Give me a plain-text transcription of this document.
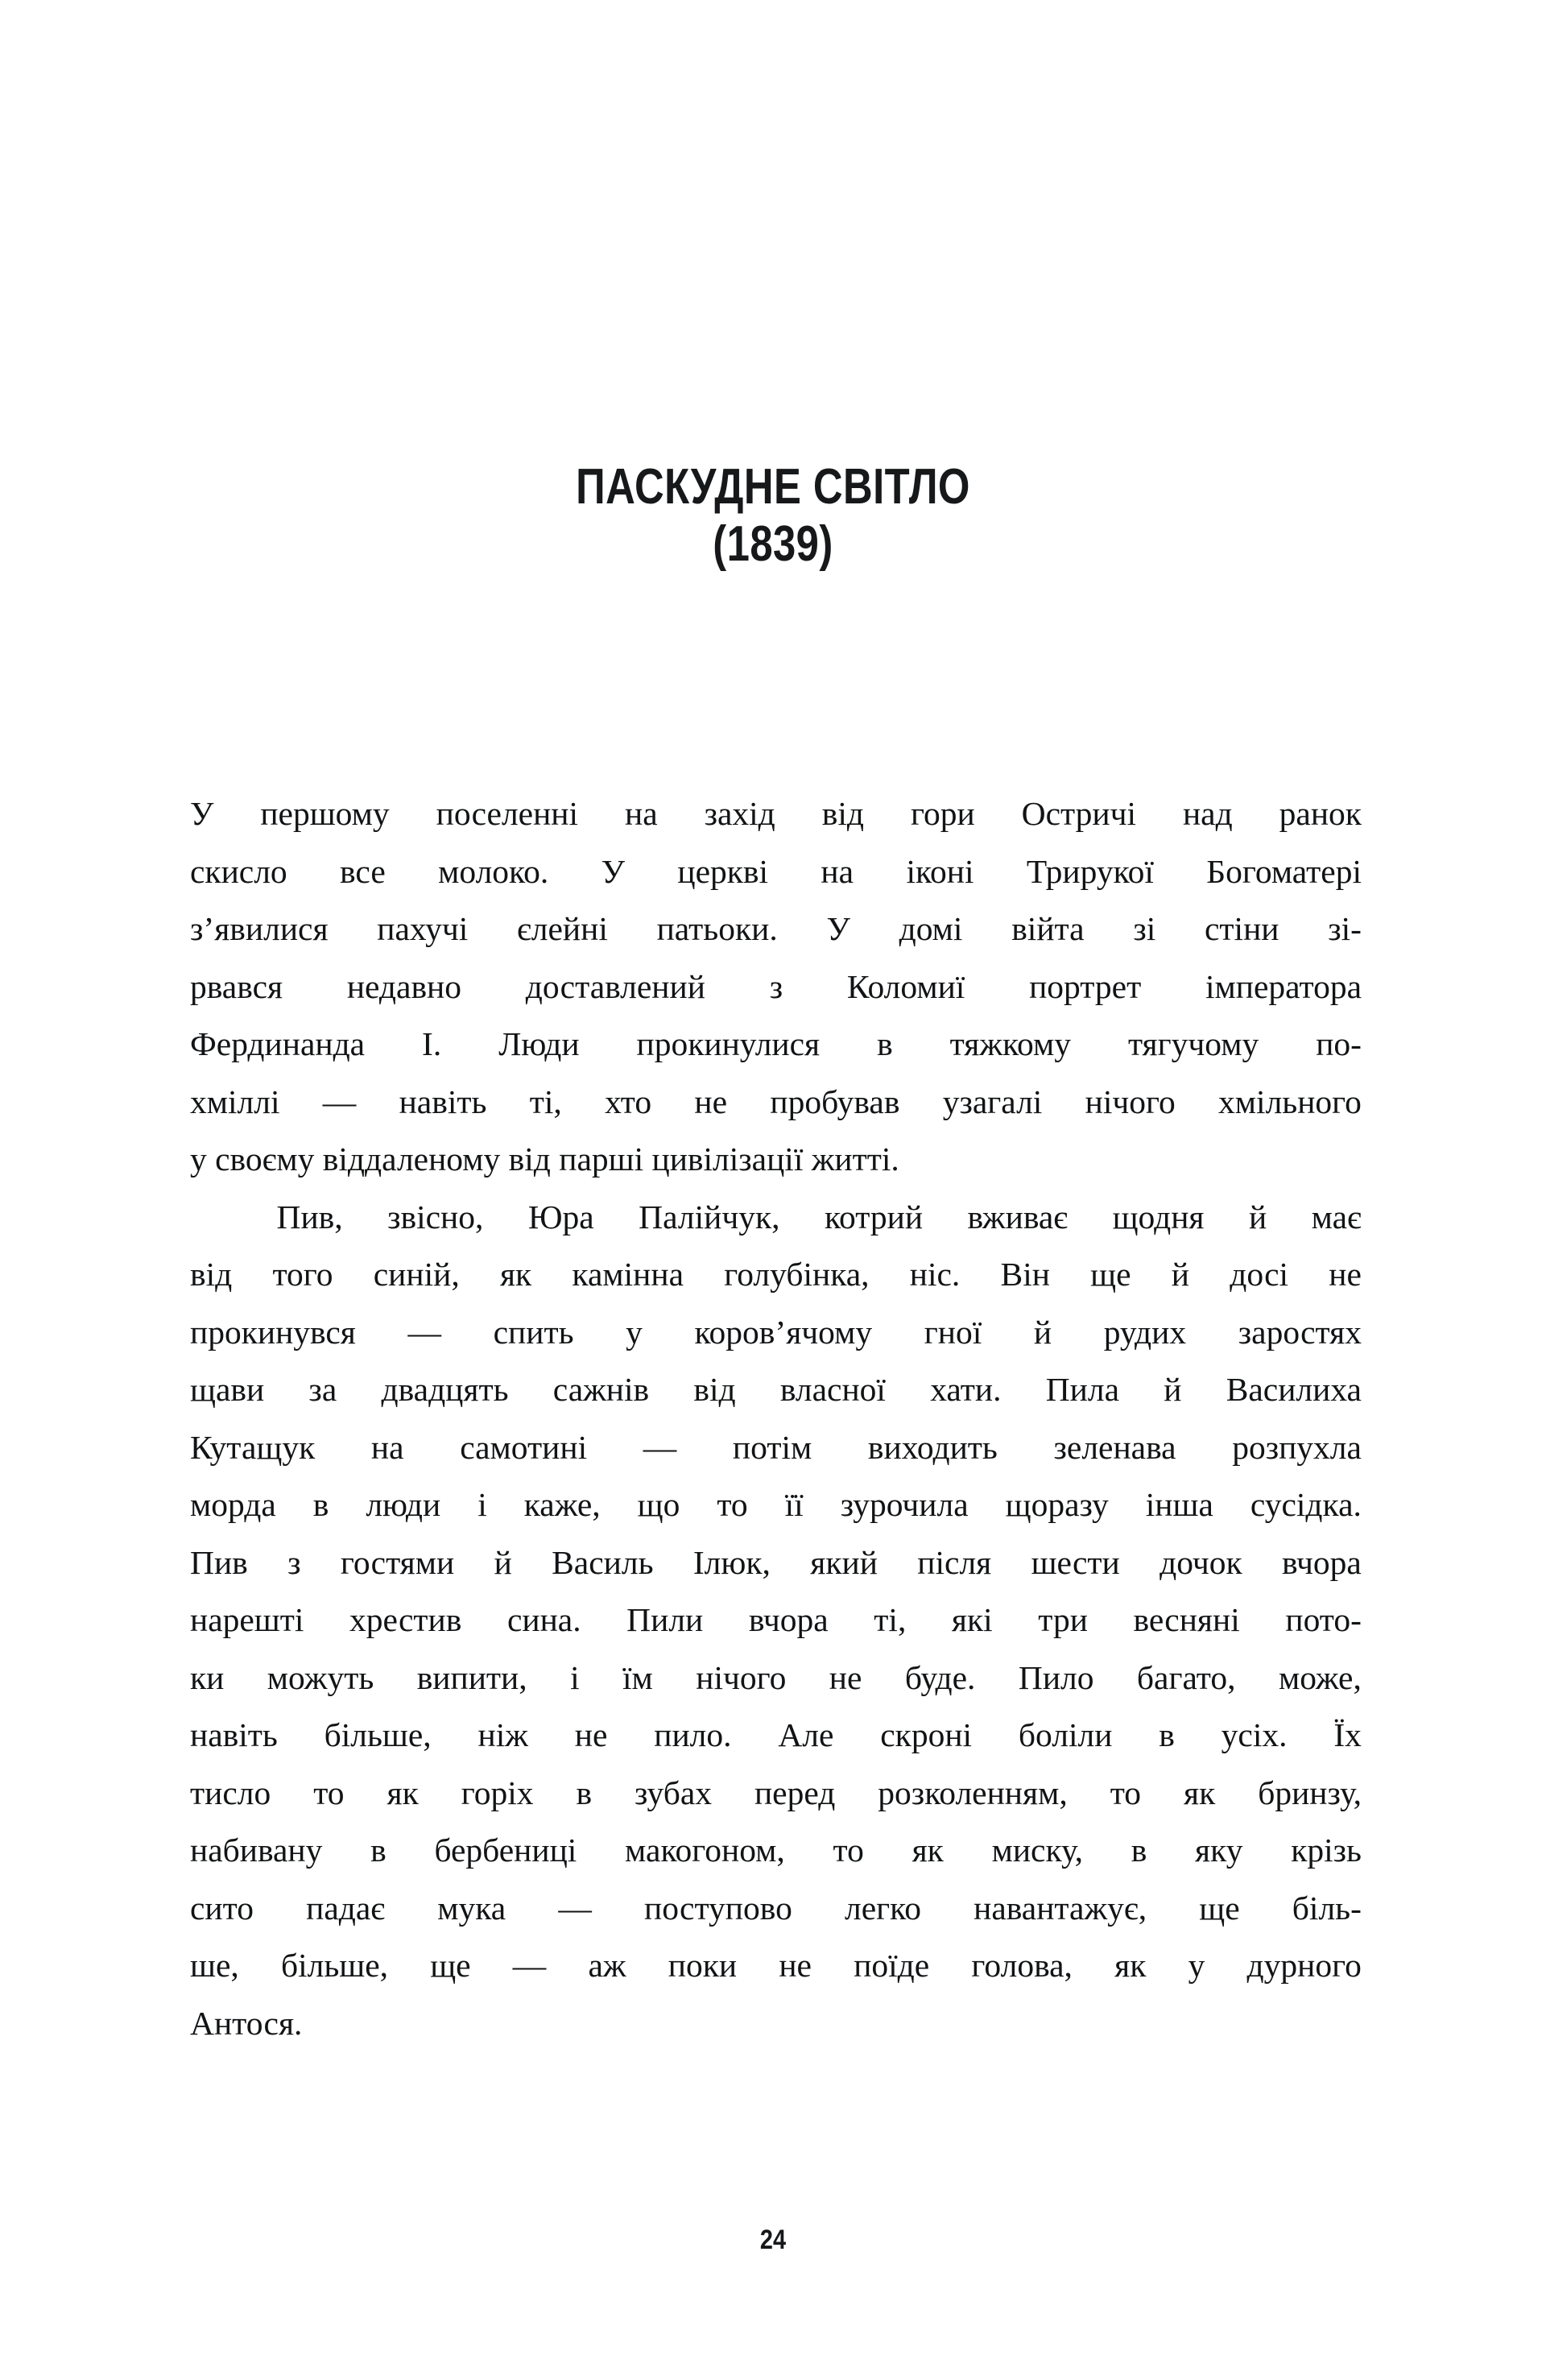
ПАСКУДНЕ СВІТЛО
(1839)
У першому поселенні на захід від гори Остричі над ранок
скисло все молоко. У церкві на іконі Трирукої Богоматері
з’явилися пахучі єлейні патьоки. У домі війта зі стіни зі-
рвався недавно доставлений з Коломиї портрет імператора
Фердинанда I. Люди прокинулися в тяжкому тягучому по-
хміллі — навіть ті, хто не пробував узагалі нічого хмільного
у своєму віддаленому від парші цивілізації житті.
Пив, звісно, Юра Палійчук, котрий вживає щодня й має
від того синій, як камінна голубінка, ніс. Він ще й досі не
прокинувся — спить у коров’ячому гної й рудих заростях
щави за двадцять сажнів від власної хати. Пила й Василиха
Кутащук на самотині — потім виходить зеленава розпухла
морда в люди і каже, що то її зурочила щоразу інша сусідка.
Пив з гостями й Василь Ілюк, який після шести дочок вчора
нарешті хрестив сина. Пили вчора ті, які три весняні пото-
ки можуть випити, і їм нічого не буде. Пило багато, може,
навіть більше, ніж не пило. Але скроні боліли в усіх. Їх
тисло то як горіх в зубах перед розколенням, то як бринзу,
набивану в бербениці макогоном, то як миску, в яку крізь
сито падає мука — поступово легко навантажує, ще біль-
ше, більше, ще — аж поки не поїде голова, як у дурного
Антося.
24
